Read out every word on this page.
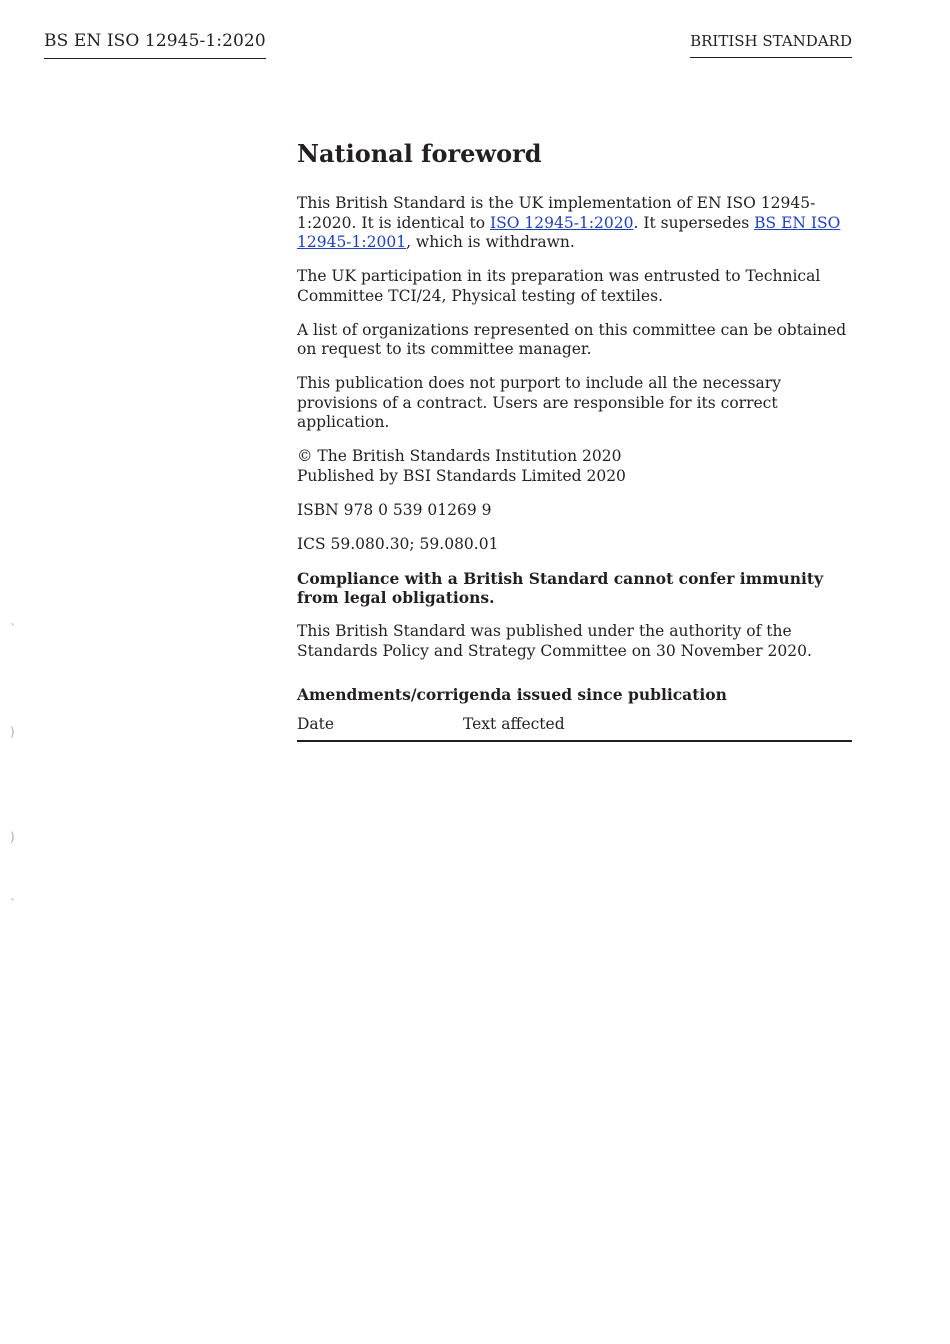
BS EN ISO 12945-1:2020	BRITISH STANDARD
`
)
)
`
National foreword

This British Standard is the UK implementation of EN ISO 12945-1:2020. It is identical to ISO 12945-1:2020. It supersedes BS EN ISO 12945-1:2001, which is withdrawn.

The UK participation in its preparation was entrusted to Technical Committee TCI/24, Physical testing of textiles.

A list of organizations represented on this committee can be obtained on request to its committee manager.

This publication does not purport to include all the necessary provisions of a contract. Users are responsible for its correct application.

© The British Standards Institution 2020
Published by BSI Standards Limited 2020

ISBN 978 0 539 01269 9

ICS 59.080.30; 59.080.01

Compliance with a British Standard cannot confer immunity from legal obligations.

This British Standard was published under the authority of the Standards Policy and Strategy Committee on 30 November 2020.

Amendments/corrigenda issued since publication
Date	Text affected
